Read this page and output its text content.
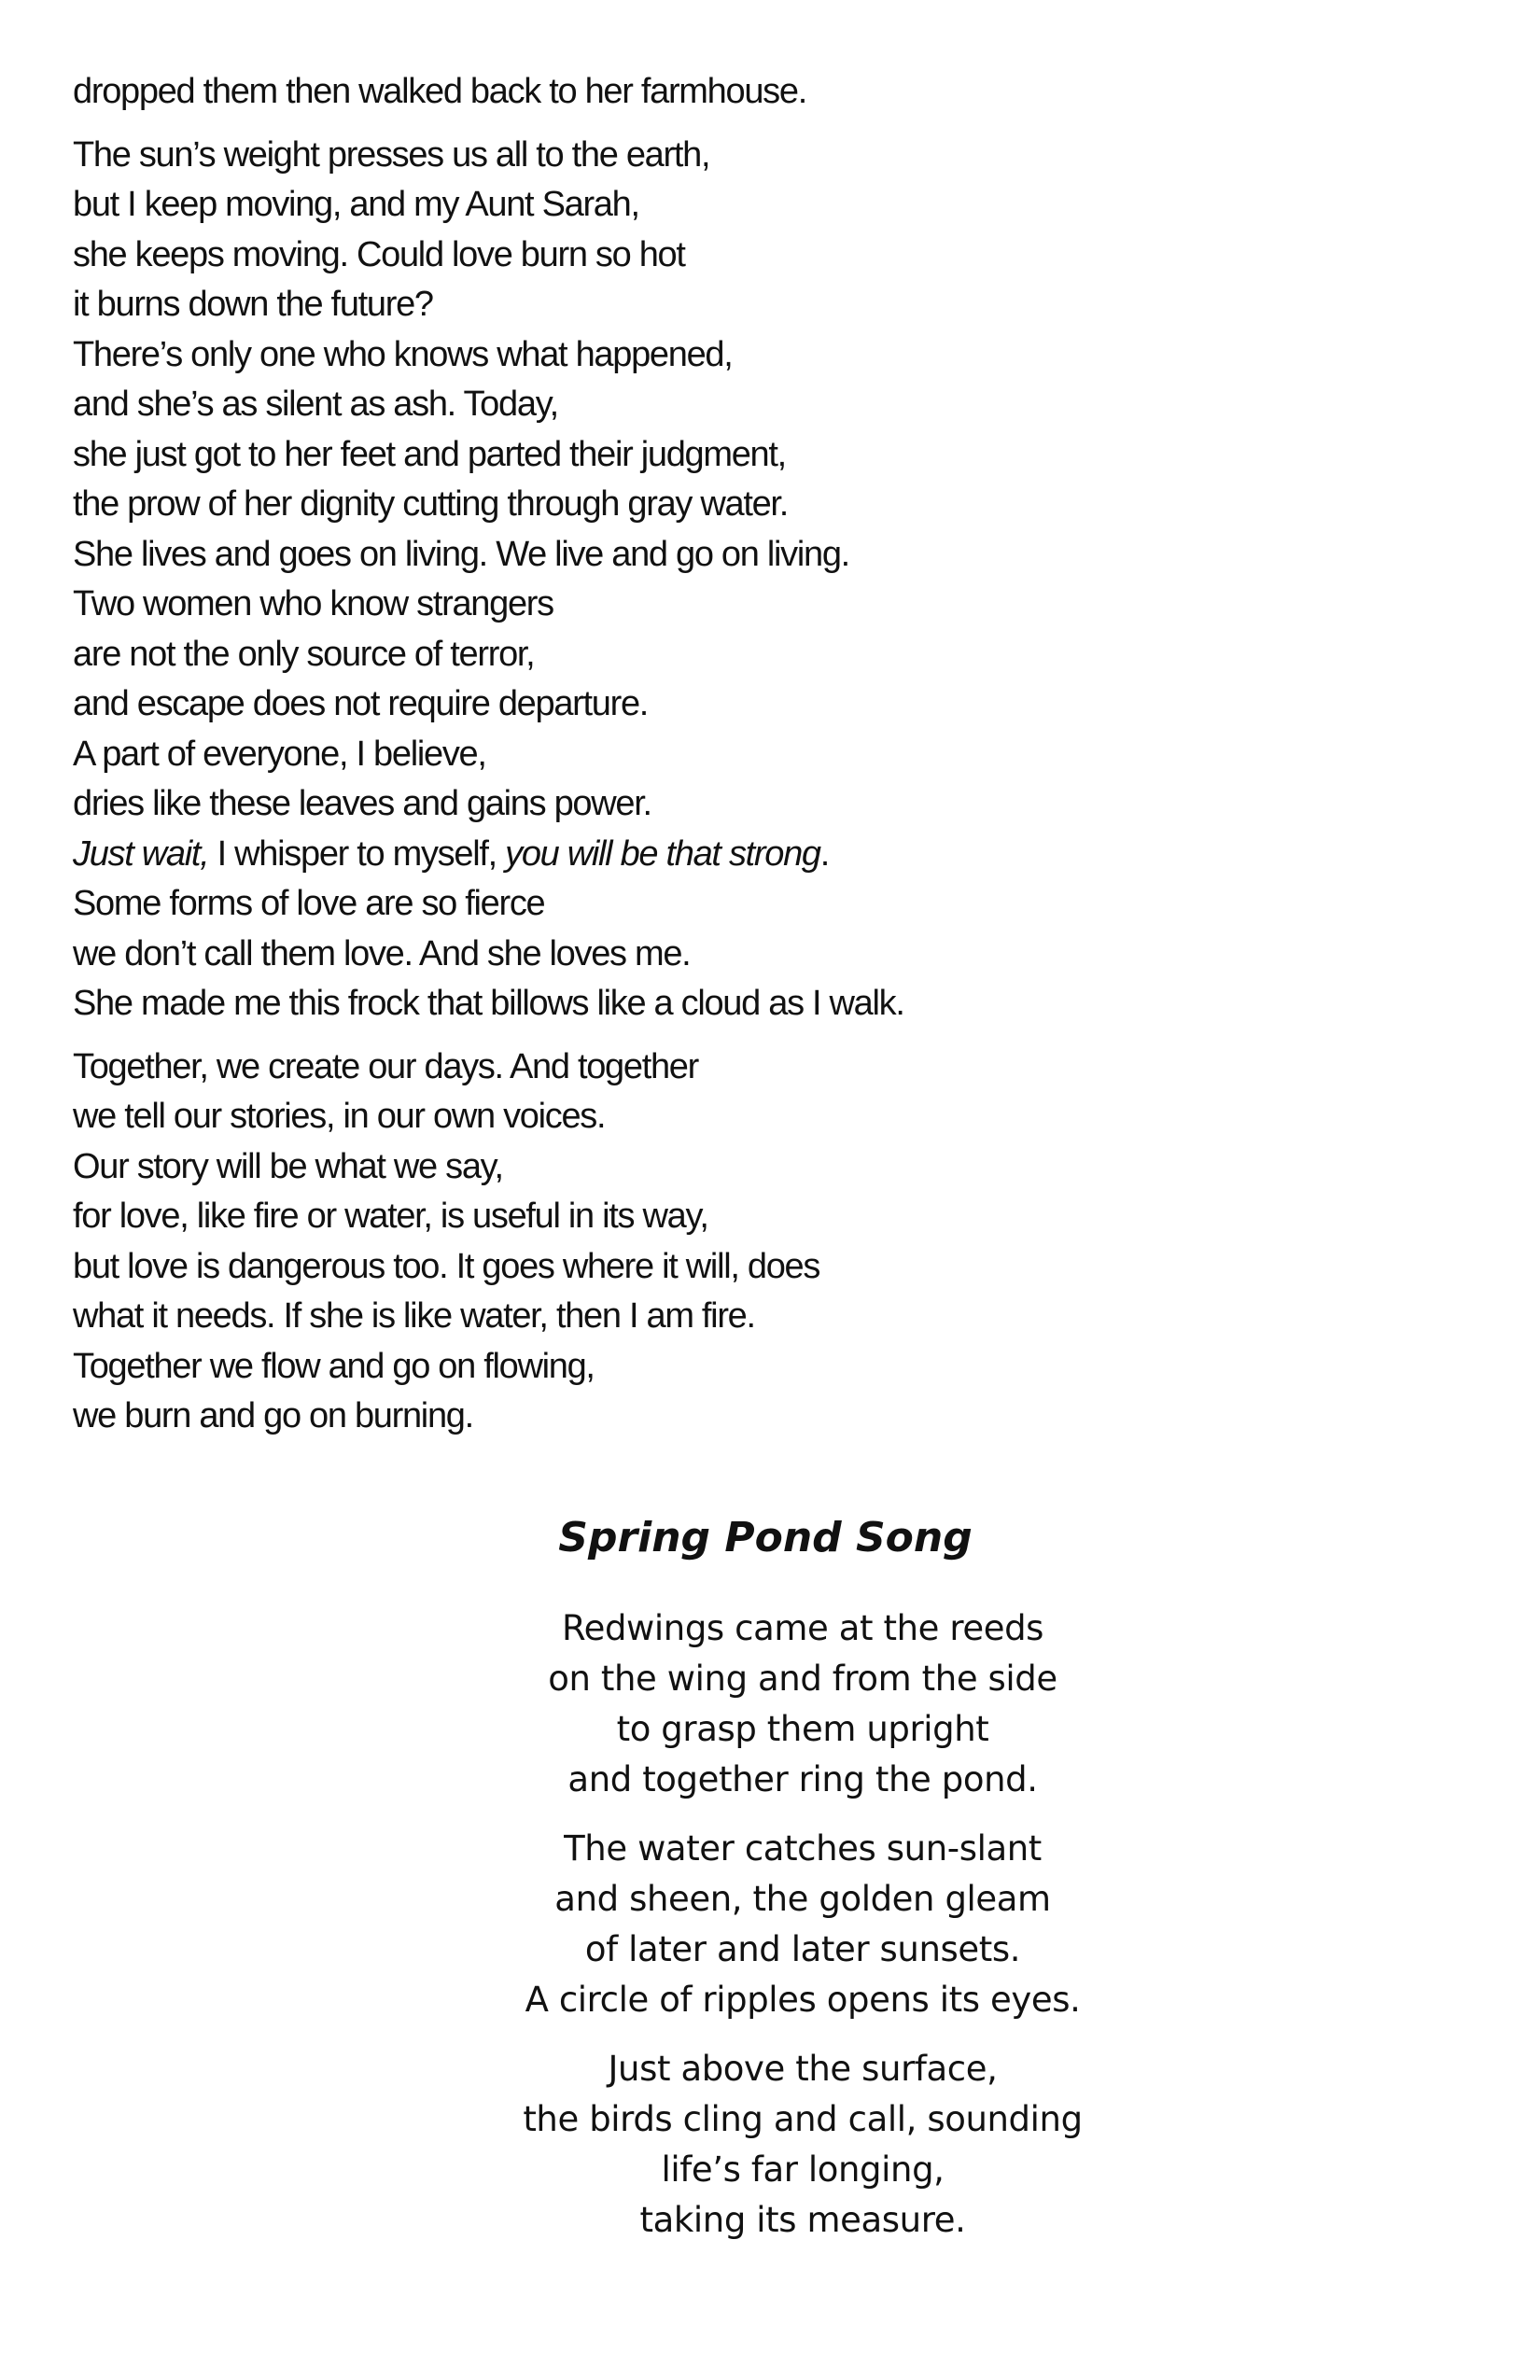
dropped them then walked back to her farmhouse.
The sun’s weight presses us all to the earth,
but I keep moving, and my Aunt Sarah,
she keeps moving. Could love burn so hot
it burns down the future?
There’s only one who knows what happened,
and she’s as silent as ash. Today,
she just got to her feet and parted their judgment,
the prow of her dignity cutting through gray water.
She lives and goes on living. We live and go on living.
Two women who know strangers
are not the only source of terror,
and escape does not require departure.
A part of everyone, I believe,
dries like these leaves and gains power.
Just wait, I whisper to myself, you will be that strong.
Some forms of love are so fierce
we don’t call them love. And she loves me.
She made me this frock that billows like a cloud as I walk.
Together, we create our days. And together
we tell our stories, in our own voices.
Our story will be what we say,
for love, like fire or water, is useful in its way,
but love is dangerous too. It goes where it will, does
what it needs. If she is like water, then I am fire.
Together we flow and go on flowing,
we burn and go on burning.
Spring Pond Song
Redwings came at the reeds
on the wing and from the side
to grasp them upright
and together ring the pond.
The water catches sun-slant
and sheen, the golden gleam
of later and later sunsets.
A circle of ripples opens its eyes.
Just above the surface,
the birds cling and call, sounding
life’s far longing,
taking its measure.
